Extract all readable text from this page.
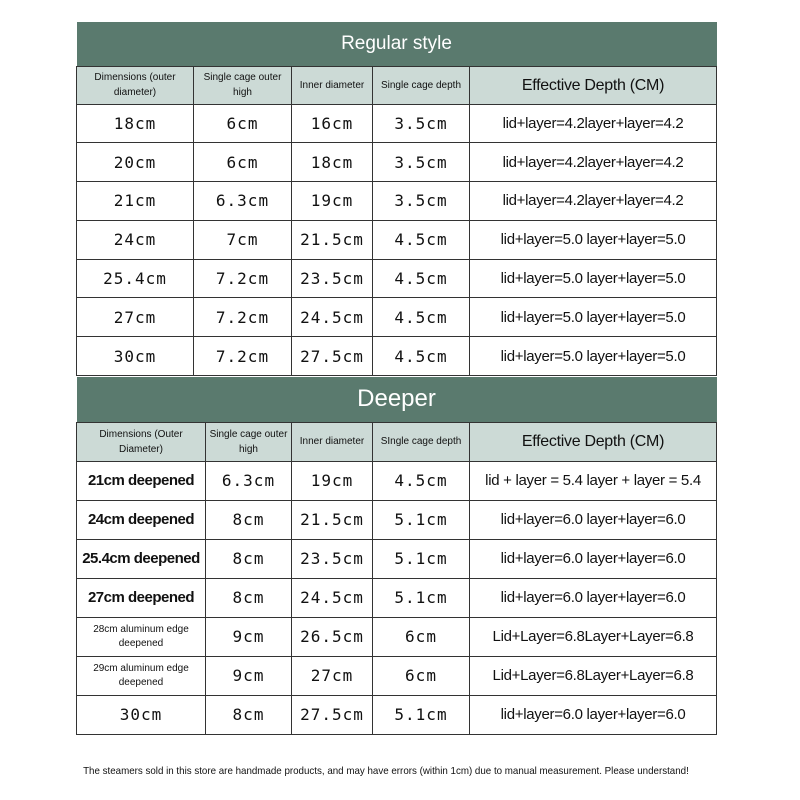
Regular style				
Dimensions (outer diameter)	Single cage outer high	Inner diameter	Single cage depth	Effective Depth (CM)
18cm	6cm	16cm	3.5cm	lid+layer=4.2layer+layer=4.2
20cm	6cm	18cm	3.5cm	lid+layer=4.2layer+layer=4.2
21cm	6.3cm	19cm	3.5cm	lid+layer=4.2layer+layer=4.2
24cm	7cm	21.5cm	4.5cm	lid+layer=5.0 layer+layer=5.0
25.4cm	7.2cm	23.5cm	4.5cm	lid+layer=5.0 layer+layer=5.0
27cm	7.2cm	24.5cm	4.5cm	lid+layer=5.0 layer+layer=5.0
30cm	7.2cm	27.5cm	4.5cm	lid+layer=5.0 layer+layer=5.0
Deeper				
Dimensions (Outer Diameter)	Single cage outer high	Inner diameter	SIngle cage depth	Effective Depth (CM)
21cm deepened	6.3cm	19cm	4.5cm	lid + layer = 5.4 layer + layer = 5.4
24cm deepened	8cm	21.5cm	5.1cm	lid+layer=6.0 layer+layer=6.0
25.4cm deepened	8cm	23.5cm	5.1cm	lid+layer=6.0 layer+layer=6.0
27cm deepened	8cm	24.5cm	5.1cm	lid+layer=6.0 layer+layer=6.0
28cm aluminum edge deepened	9cm	26.5cm	6cm	Lid+Layer=6.8Layer+Layer=6.8
29cm aluminum edge deepened	9cm	27cm	6cm	Lid+Layer=6.8Layer+Layer=6.8
30cm	8cm	27.5cm	5.1cm	lid+layer=6.0 layer+layer=6.0
The steamers sold in this store are handmade products, and may have errors (within 1cm) due to manual measurement. Please understand!
